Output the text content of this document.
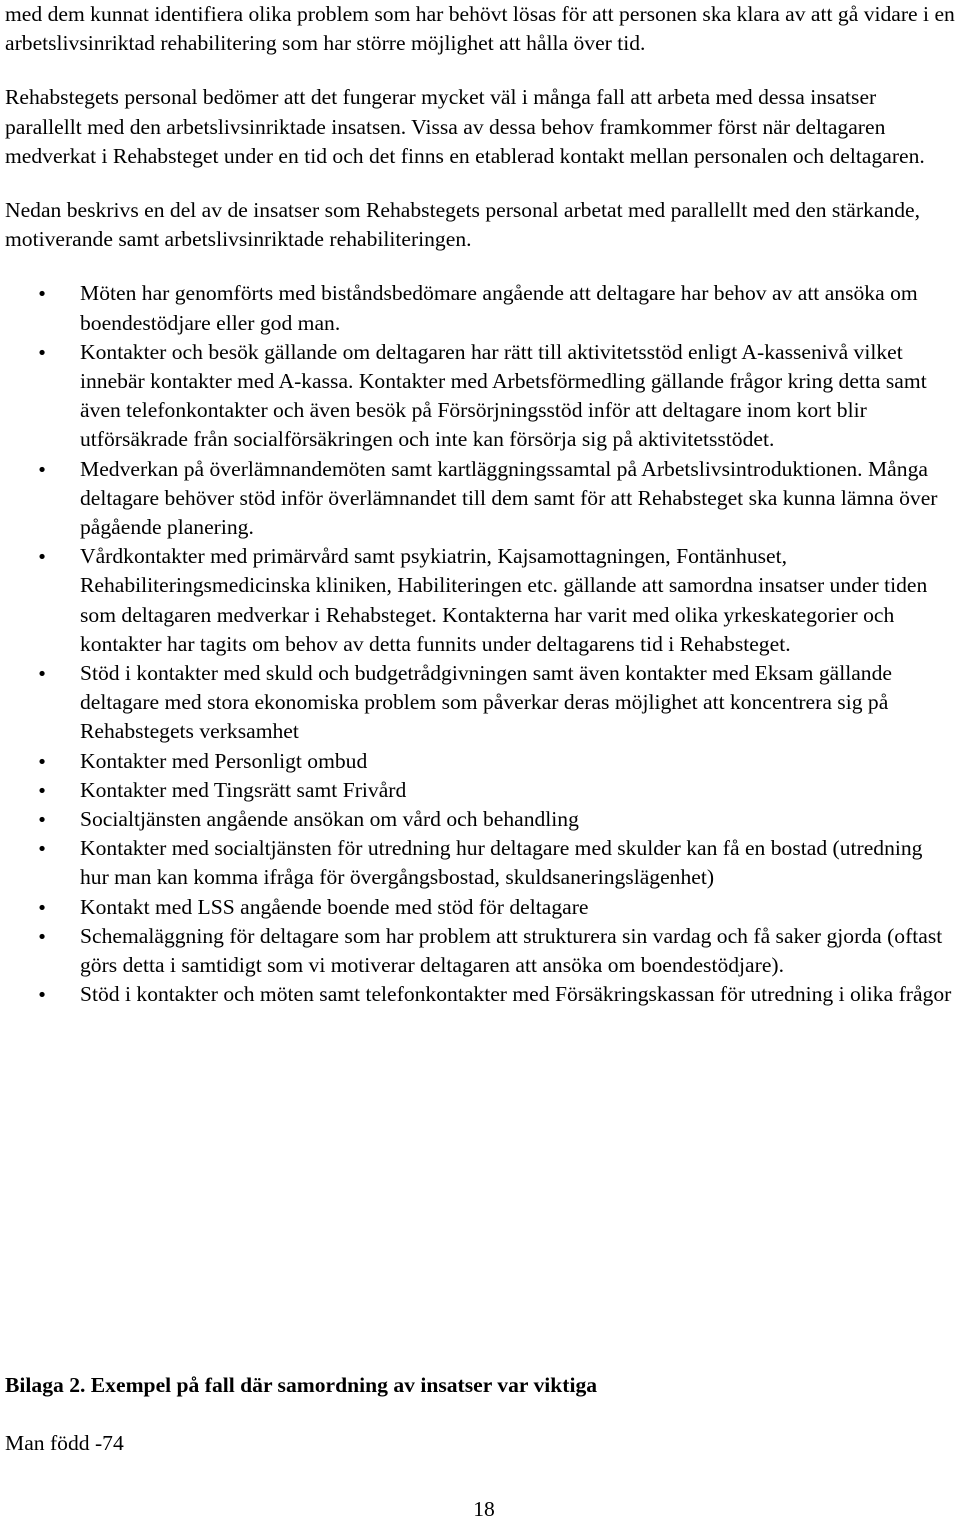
med dem kunnat identifiera olika problem som har behövt lösas för att personen ska klara av att gå vidare i en arbetslivsinriktad rehabilitering som har större möjlighet att hålla över tid.

Rehabstegets personal bedömer att det fungerar mycket väl i många fall att arbeta med dessa insatser parallellt med den arbetslivsinriktade insatsen. Vissa av dessa behov framkommer först när deltagaren medverkat i Rehabsteget under en tid och det finns en etablerad kontakt mellan personalen och deltagaren.

Nedan beskrivs en del av de insatser som Rehabstegets personal arbetat med parallellt med den stärkande, motiverande samt arbetslivsinriktade rehabiliteringen.

•
Möten har genomförts med biståndsbedömare angående att deltagare har behov av att ansöka om boendestödjare eller god man.
•
Kontakter och besök gällande om deltagaren har rätt till aktivitetsstöd enligt A-kassenivå vilket innebär kontakter med A-kassa. Kontakter med Arbetsförmedling gällande frågor kring detta samt även telefonkontakter och även besök på Försörjningsstöd inför att deltagare inom kort blir utförsäkrade från socialförsäkringen och inte kan försörja sig på aktivitetsstödet.
•
Medverkan på överlämnandemöten samt kartläggningssamtal på Arbetslivsintroduktionen. Många deltagare behöver stöd inför överlämnandet till dem samt för att Rehabsteget ska kunna lämna över pågående planering.
•
Vårdkontakter med primärvård samt psykiatrin, Kajsamottagningen, Fontänhuset, Rehabiliteringsmedicinska kliniken, Habiliteringen etc. gällande att samordna insatser under tiden som deltagaren medverkar i Rehabsteget. Kontakterna har varit med olika yrkeskategorier och kontakter har tagits om behov av detta funnits under deltagarens tid i Rehabsteget.
•
Stöd i kontakter med skuld och budgetrådgivningen samt även kontakter med Eksam gällande deltagare med stora ekonomiska problem som påverkar deras möjlighet att koncentrera sig på Rehabstegets verksamhet
•
Kontakter med Personligt ombud
•
Kontakter med Tingsrätt samt Frivård
•
Socialtjänsten angående ansökan om vård och behandling
•
Kontakter med socialtjänsten för utredning hur deltagare med skulder kan få en bostad (utredning hur man kan komma ifråga för övergångsbostad, skuldsaneringslägenhet)
•
Kontakt med LSS angående boende med stöd för deltagare
•
Schemaläggning för deltagare som har problem att strukturera sin vardag och få saker gjorda (oftast görs detta i samtidigt som vi motiverar deltagaren att ansöka om boendestödjare).
•
Stöd i kontakter och möten samt telefonkontakter med Försäkringskassan för utredning i olika frågor
Bilaga 2. Exempel på fall där samordning av insatser var viktiga
Man född -74
18
